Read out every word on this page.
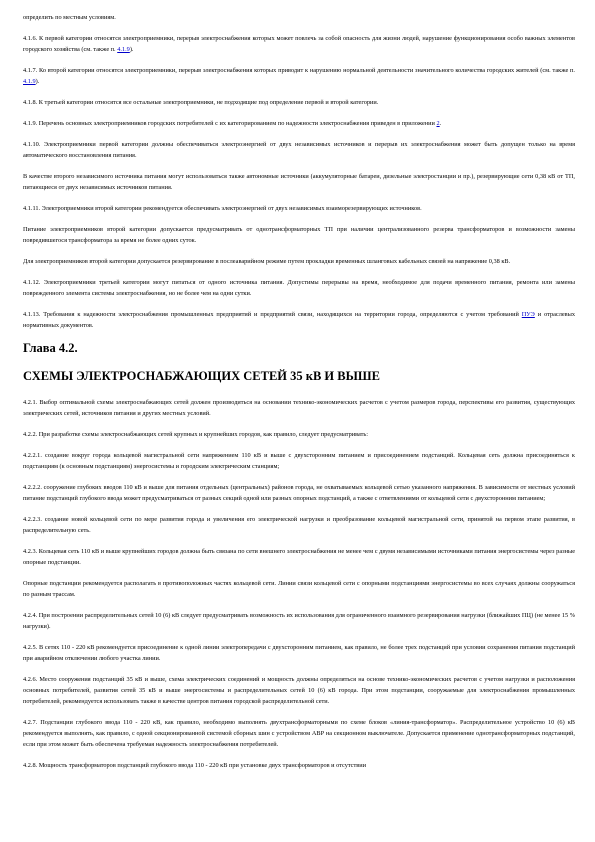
определить по местным условиям.
4.1.6. К первой категории относятся электроприемники, перерыв электроснабжения которых может повлечь за собой опасность для жизни людей, нарушение функционирования особо важных элементов городского хозяйства (см. также п. 4.1.9).
4.1.7. Ко второй категории относятся электроприемники, перерыв электроснабжения которых приводит к нарушению нормальной деятельности значительного количества городских жителей (см. также п. 4.1.9).
4.1.8. К третьей категории относятся все остальные электроприемники, не подходящие под определение первой и второй категории.
4.1.9. Перечень основных электроприемников городских потребителей с их категорированием по надежности электроснабжения приведен в приложении 2.
4.1.10. Электроприемники первой категории должны обеспечиваться электроэнергией от двух независимых источников и перерыв их электроснабжения может быть допущен только на время автоматического восстановления питания.
В качестве второго независимого источника питания могут использоваться также автономные источники (аккумуляторные батареи, дизельные электростанции и пр.), резервирующие сети 0,38 кВ от ТП, питающиеся от двух независимых источников питания.
4.1.11. Электроприемники второй категории рекомендуется обеспечивать электроэнергией от двух независимых взаиморезервирующих источников.
Питание электроприемников второй категории допускается предусматривать от однотрансформаторных ТП при наличии централизованного резерва трансформаторов и возможности замены повредившегося трансформатора за время не более одних суток.
Для электроприемников второй категории допускается резервирование в послеаварийном режиме путем прокладки временных шланговых кабельных связей на напряжение 0,38 кВ.
4.1.12. Электроприемники третьей категории могут питаться от одного источника питания. Допустимы перерывы на время, необходимое для подачи временного питания, ремонта или замены поврежденного элемента системы электроснабжения, но не более чем на одни сутки.
4.1.13. Требования к надежности электроснабжения промышленных предприятий и предприятий связи, находящихся на территории города, определяются с учетом требований ПУЭ и отраслевых нормативных документов.
Глава 4.2.
СХЕМЫ ЭЛЕКТРОСНАБЖАЮЩИХ СЕТЕЙ 35 кВ И ВЫШЕ
4.2.1. Выбор оптимальной схемы электроснабжающих сетей должен производиться на основании технико-экономических расчетов с учетом размеров города, перспективы его развития, существующих электрических сетей, источников питания и других местных условий.
4.2.2. При разработке схемы электроснабжающих сетей крупных и крупнейших городов, как правило, следует предусматривать:
4.2.2.1. создание вокруг города кольцевой магистральной сети напряжением 110 кВ и выше с двухсторонним питанием и присоединением подстанций. Кольцевая сеть должна присоединяться к подстанциям (к основным подстанциям) энергосистемы и городским электрическим станциям;
4.2.2.2. сооружение глубоких вводов 110 кВ и выше для питания отдельных (центральных) районов города, не охватываемых кольцевой сетью указанного напряжения. В зависимости от местных условий питание подстанций глубокого ввода может предусматриваться от разных секций одной или разных опорных подстанций, а также с ответвлениями от кольцевой сети с двухсторонним питанием;
4.2.2.3. создание новой кольцевой сети по мере развития города и увеличения его электрической нагрузки и преобразование кольцевой магистральной сети, принятой на первом этапе развития, в распределительную сеть.
4.2.3. Кольцевая сеть 110 кВ и выше крупнейших городов должна быть связана по сети внешнего электроснабжения не менее чем с двумя независимыми источниками питания энергосистемы через разные опорные подстанции.
Опорные подстанции рекомендуется располагать в противоположных частях кольцевой сети. Линии связи кольцевой сети с опорными подстанциями энергосистемы во всех случаях должны сооружаться по разным трассам.
4.2.4. При построении распределительных сетей 10 (6) кВ следует предусматривать возможность их использования для ограниченного взаимного резервирования нагрузки (ближайших ПЦ) (не менее 15 % нагрузки).
4.2.5. В сетях 110 - 220 кВ рекомендуется присоединение к одной линии электропередачи с двухсторонним питанием, как правило, не более трех подстанций при условии сохранения питания подстанций при аварийном отключении любого участка линии.
4.2.6. Место сооружения подстанций 35 кВ и выше, схема электрических соединений и мощность должны определяться на основе технико-экономических расчетов с учетом нагрузки и расположения основных потребителей, развития сетей 35 кВ и выше энергосистемы и распределительных сетей 10 (6) кВ города. При этом подстанции, сооружаемые для электроснабжения промышленных потребителей, рекомендуется использовать также в качестве центров питания городской распределительной сети.
4.2.7. Подстанции глубокого ввода 110 - 220 кВ, как правило, необходимо выполнять двухтрансформаторными по схеме блоков «линия-трансформатор». Распределительное устройство 10 (6) кВ рекомендуется выполнять, как правило, с одной секционированной системой сборных шин с устройством АВР на секционном выключателе. Допускается применение однотрансформаторных подстанций, если при этом может быть обеспечена требуемая надежность электроснабжения потребителей.
4.2.8. Мощность трансформаторов подстанций глубокого ввода 110 - 220 кВ при установке двух трансформаторов и отсутствии
